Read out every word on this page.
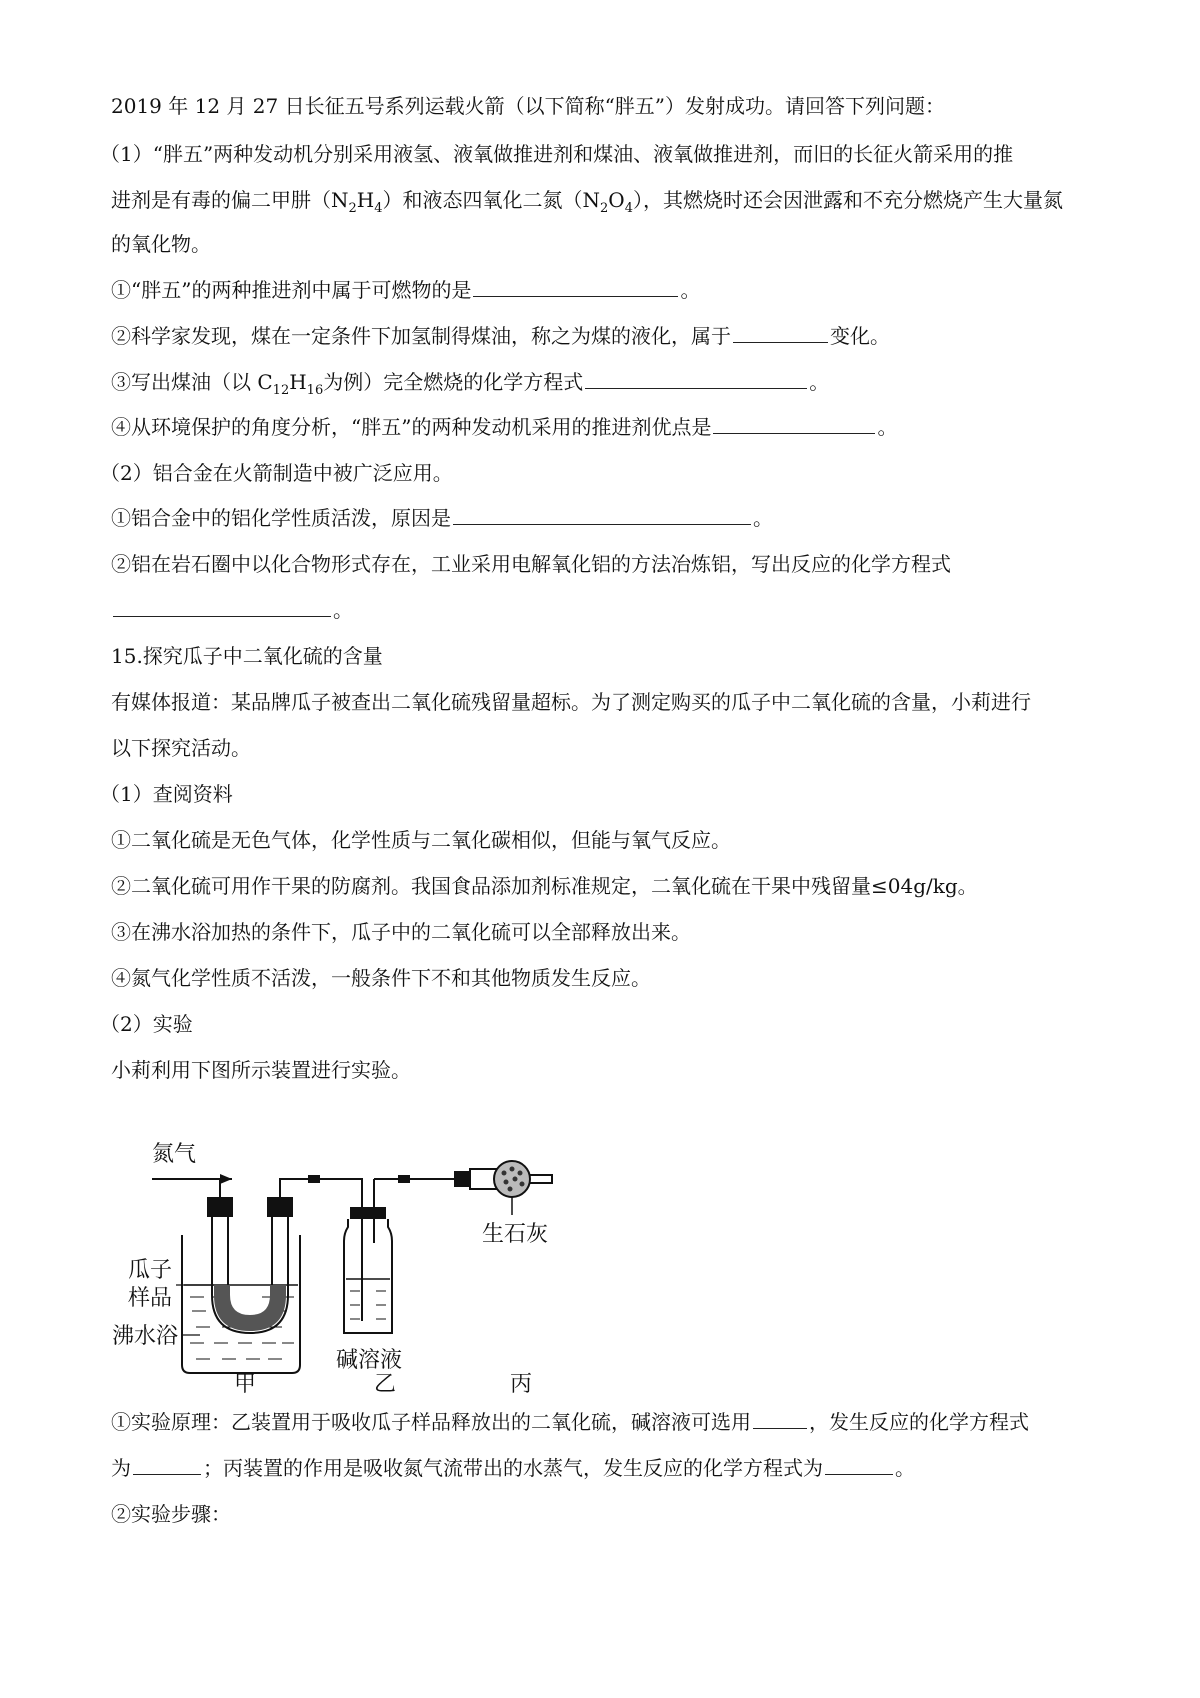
2019 年 12 月 27 日长征五号系列运载火箭（以下简称“胖五”）发射成功。请回答下列问题：
（1）“胖五”两种发动机分别采用液氢、液氧做推进剂和煤油、液氧做推进剂，而旧的长征火箭采用的推
进剂是有毒的偏二甲肼$(N_2H_4)$和液态四氧化二氮$(N_2O_4)$，其燃烧时还会因泄露和不充分燃烧产生大量氮
的氧化物。
①“胖五”的两种推进剂中属于可燃物的是	。
②科学家发现，煤在一定条件下加氢制得煤油，称之为煤的液化，属于	变化。
③写出煤油（以 $C_{12}H_{16}$为例）完全燃烧的化学方程式	。
④从环境保护的角度分析，“胖五”的两种发动机采用的推进剂优点是	。
（2）铝合金在火箭制造中被广泛应用。
①铝合金中的铝化学性质活泼，原因是	。
②铝在岩石圈中以化合物形式存在，工业采用电解氧化铝的方法冶炼铝，写出反应的化学方程式
。
15.探究瓜子中二氧化硫的含量
有媒体报道：某品牌瓜子被查出二氧化硫残留量超标。为了测定购买的瓜子中二氧化硫的含量，小莉进行
以下探究活动。
（1）查阅资料
①二氧化硫是无色气体，化学性质与二氧化碳相似，但能与氧气反应。
②二氧化硫可用作干果的防腐剂。我国食品添加剂标准规定，二氧化硫在干果中残留量≤04g/kg。
③在沸水浴加热的条件下，瓜子中的二氧化硫可以全部释放出来。
④氮气化学性质不活泼，一般条件下不和其他物质发生反应。
（2）实验
小莉利用下图所示装置进行实验。
氮气
生石灰
瓜子
样品
沸水浴
碱溶液
甲	乙	丙
①实验原理：乙装置用于吸收瓜子样品释放出的二氧化硫，碱溶液可选用	，发生反应的化学方程式
为	；丙装置的作用是吸收氮气流带出的水蒸气，发生反应的化学方程式为	。
②实验步骤：
